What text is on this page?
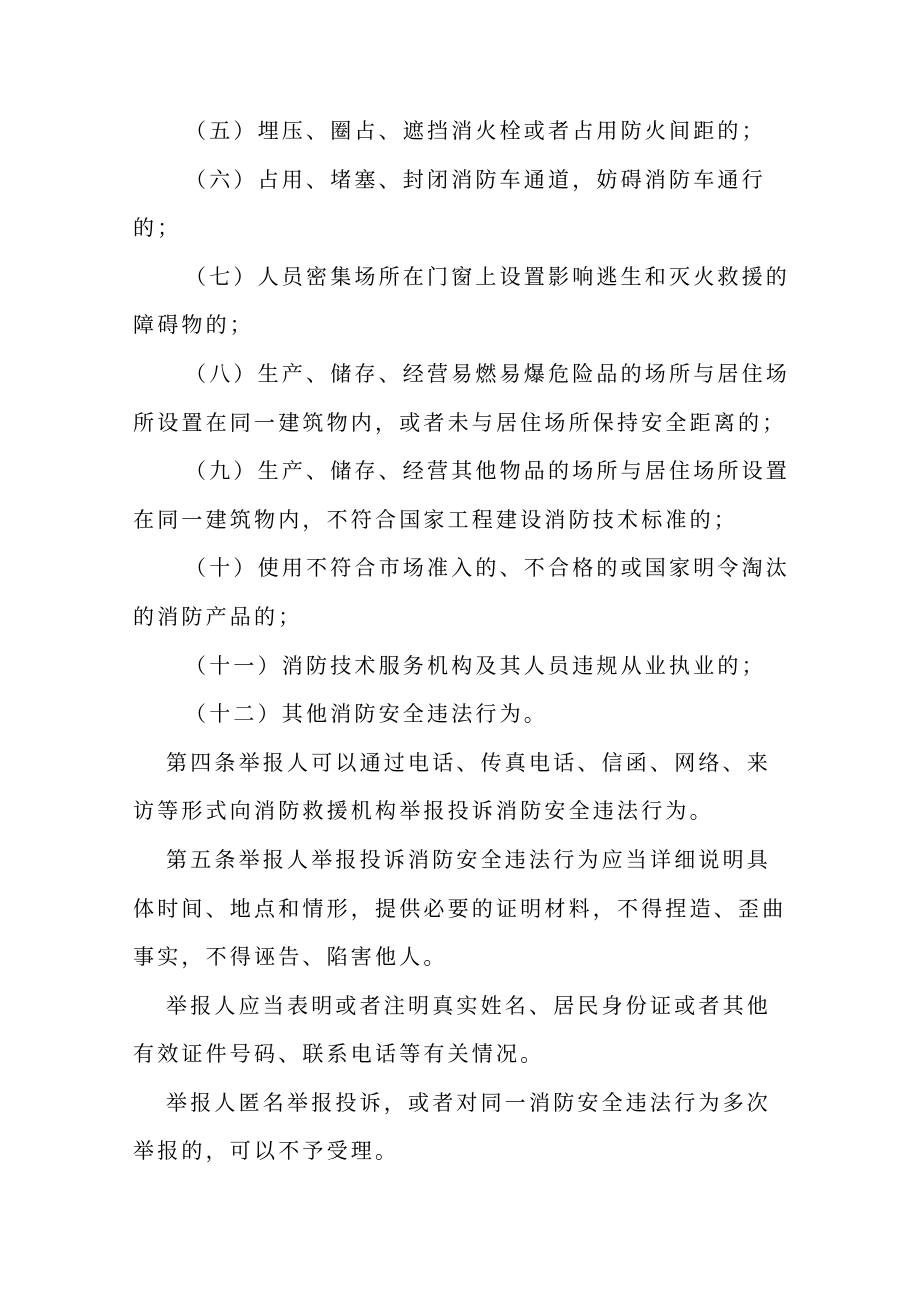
（五）埋压、圈占、遮挡消火栓或者占用防火间距的；

（六）占用、堵塞、封闭消防车通道，妨碍消防车通行的；

（七）人员密集场所在门窗上设置影响逃生和灭火救援的障碍物的；

（八）生产、储存、经营易燃易爆危险品的场所与居住场所设置在同一建筑物内，或者未与居住场所保持安全距离的；

（九）生产、储存、经营其他物品的场所与居住场所设置在同一建筑物内，不符合国家工程建设消防技术标准的；

（十）使用不符合市场准入的、不合格的或国家明令淘汰的消防产品的；

（十一）消防技术服务机构及其人员违规从业执业的；

（十二）其他消防安全违法行为。

第四条举报人可以通过电话、传真电话、信函、网络、来访等形式向消防救援机构举报投诉消防安全违法行为。

第五条举报人举报投诉消防安全违法行为应当详细说明具体时间、地点和情形，提供必要的证明材料，不得捏造、歪曲事实，不得诬告、陷害他人。

举报人应当表明或者注明真实姓名、居民身份证或者其他有效证件号码、联系电话等有关情况。

举报人匿名举报投诉，或者对同一消防安全违法行为多次举报的，可以不予受理。
